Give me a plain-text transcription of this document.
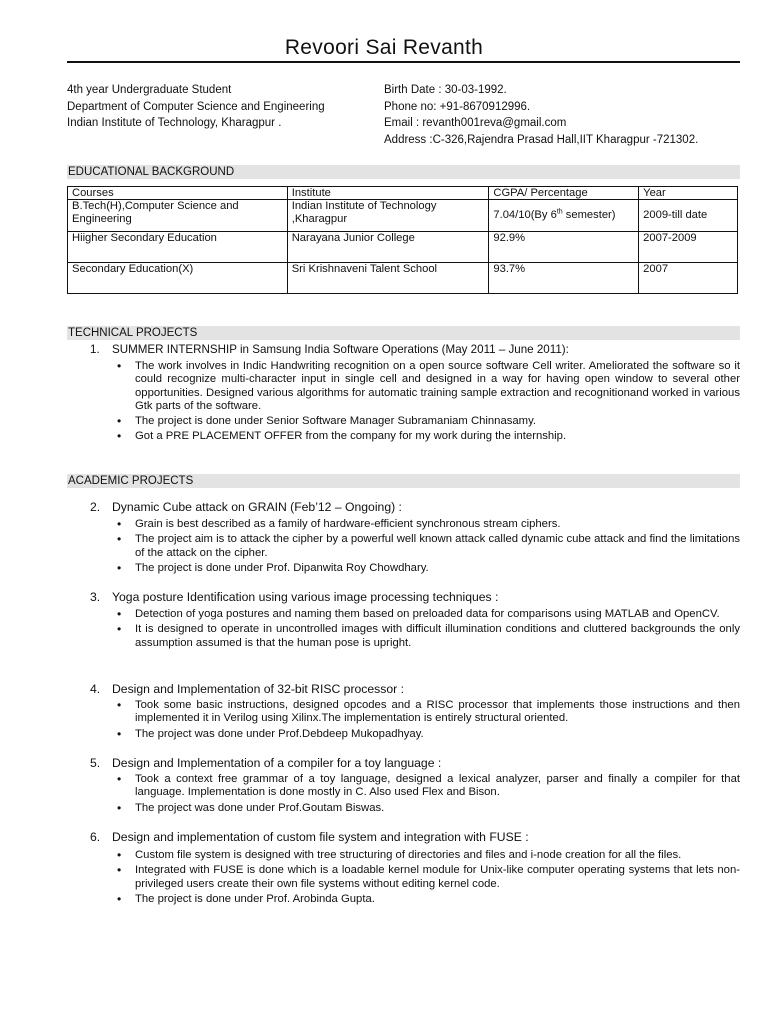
Revoori Sai Revanth
4th year Undergraduate Student
Department of Computer Science and Engineering
Indian Institute of Technology, Kharagpur .
Birth Date : 30-03-1992.
Phone no: +91-8670912996.
Email : revanth001reva@gmail.com
Address :C-326,Rajendra Prasad Hall,IIT Kharagpur -721302.
EDUCATIONAL BACKGROUND
Courses	Institute	CGPA/ Percentage	Year
B.Tech(H),Computer Science and Engineering	Indian Institute of Technology ,Kharagpur	7.04/10(By 6th semester)	2009-till date
Hiigher Secondary Education	Narayana Junior College	92.9%	2007-2009
Secondary Education(X)	Sri Krishnaveni Talent School	93.7%	2007
TECHNICAL PROJECTS
1. SUMMER INTERNSHIP in Samsung India Software Operations (May 2011 – June 2011):
• The work involves in Indic Handwriting recognition on a open source software Cell writer. Ameliorated the software so it could recognize multi-character input in single cell and designed in a way for having open window to several other opportunities. Designed various algorithms for automatic training sample extraction and recognitionand worked in various Gtk parts of the software.
• The project is done under Senior Software Manager Subramaniam Chinnasamy.
• Got a PRE PLACEMENT OFFER from the company for my work during the internship.
ACADEMIC PROJECTS
2. Dynamic Cube attack on GRAIN (Feb’12 – Ongoing) :
• Grain is best described as a family of hardware-efficient synchronous stream ciphers.
• The project aim is to attack the cipher by a powerful well known attack called dynamic cube attack and find the limitations of the attack on the cipher.
• The project is done under Prof. Dipanwita Roy Chowdhary.
3. Yoga posture Identification using various image processing techniques :
• Detection of yoga postures and naming them based on preloaded data for comparisons using MATLAB and OpenCV.
• It is designed to operate in uncontrolled images with difficult illumination conditions and cluttered backgrounds the only assumption assumed is that the human pose is upright.
4. Design and Implementation of 32-bit RISC processor :
• Took some basic instructions, designed opcodes and a RISC processor that implements those instructions and then implemented it in Verilog using Xilinx.The implementation is entirely structural oriented.
• The project was done under Prof.Debdeep Mukopadhyay.
5. Design and Implementation of a compiler for a toy language :
• Took a context free grammar of a toy language, designed a lexical analyzer, parser and finally a compiler for that language. Implementation is done mostly in C. Also used Flex and Bison.
• The project was done under Prof.Goutam Biswas.
6. Design and implementation of custom file system and integration with FUSE :
• Custom file system is designed with tree structuring of directories and files and i-node creation for all the files.
• Integrated with FUSE is done which is a loadable kernel module for Unix-like computer operating systems that lets non-privileged users create their own file systems without editing kernel code.
• The project is done under Prof. Arobinda Gupta.
